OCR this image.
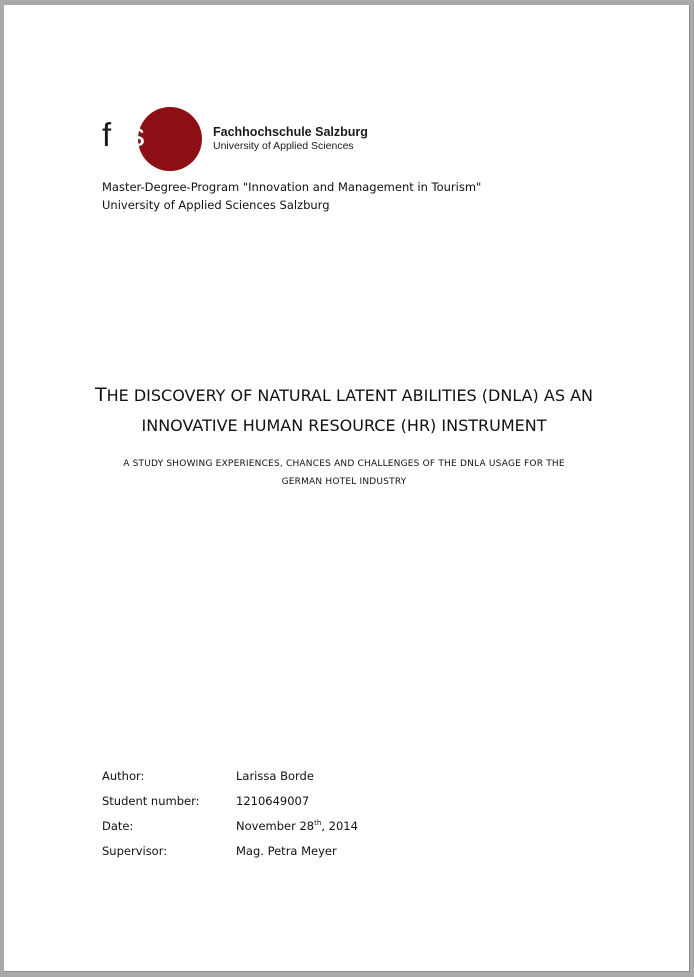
fhs	Fachhochschule Salzburg
University of Applied Sciences
Master-Degree-Program "Innovation and Management in Tourism"
University of Applied Sciences Salzburg
THE DISCOVERY OF NATURAL LATENT ABILITIES (DNLA) AS AN
INNOVATIVE HUMAN RESOURCE (HR) INSTRUMENT
A STUDY SHOWING EXPERIENCES, CHANCES AND CHALLENGES OF THE DNLA USAGE FOR THE
GERMAN HOTEL INDUSTRY
Author:	Larissa Borde
Student number:	1210649007
Date:	November 28th, 2014
Supervisor:	Mag. Petra Meyer
